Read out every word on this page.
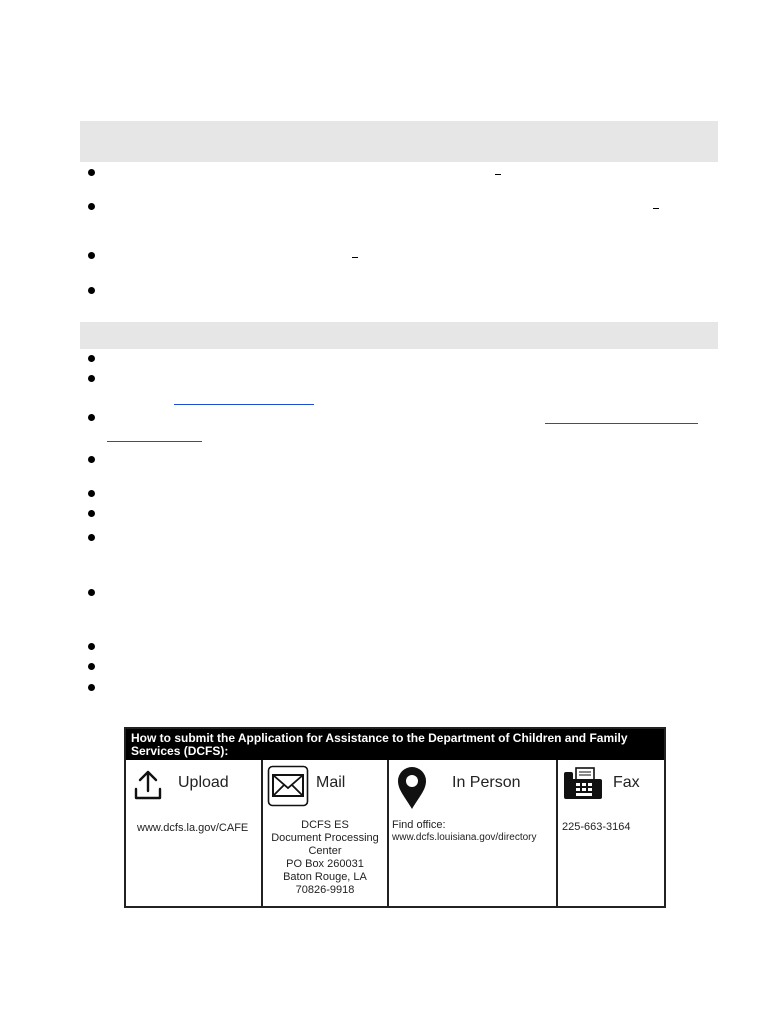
How to submit the Application for Assistance to the Department of Children and Family Services (DCFS):
Upload
www.dcfs.la.gov/CAFE
Mail
DCFS ES
Document Processing
Center
PO Box 260031
Baton Rouge, LA
70826-9918
In Person
Find office:
www.dcfs.louisiana.gov/directory
Fax
225-663-3164
